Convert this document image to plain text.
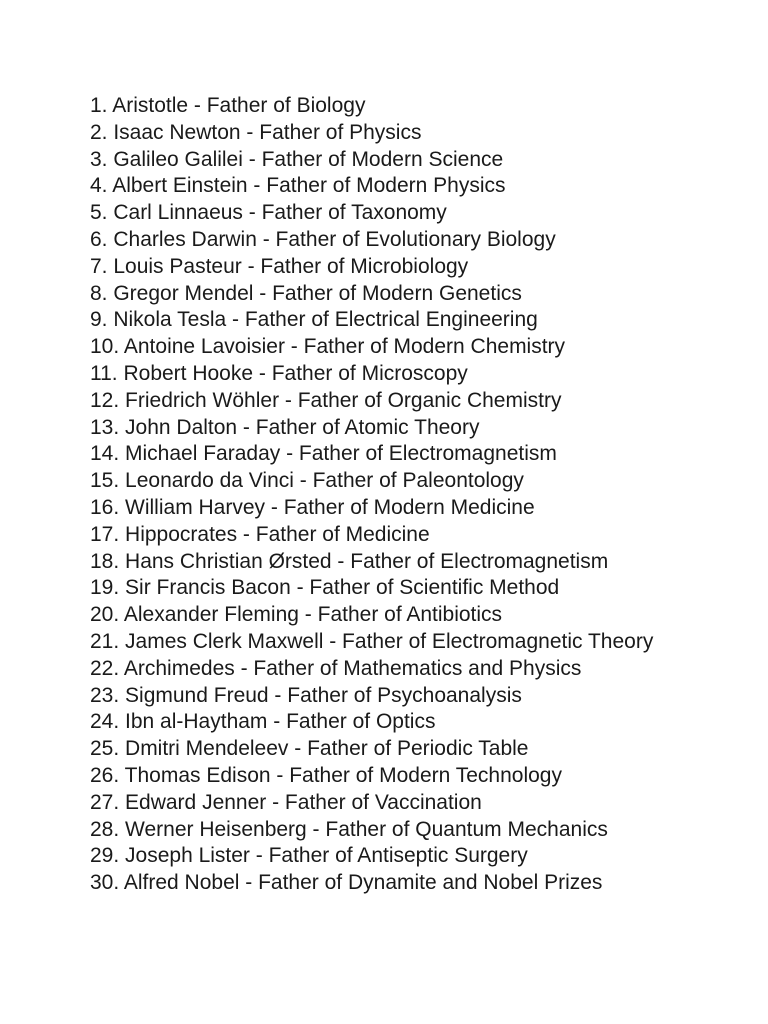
1. Aristotle - Father of Biology
2. Isaac Newton - Father of Physics
3. Galileo Galilei - Father of Modern Science
4. Albert Einstein - Father of Modern Physics
5. Carl Linnaeus - Father of Taxonomy
6. Charles Darwin - Father of Evolutionary Biology
7. Louis Pasteur - Father of Microbiology
8. Gregor Mendel - Father of Modern Genetics
9. Nikola Tesla - Father of Electrical Engineering
10. Antoine Lavoisier - Father of Modern Chemistry
11. Robert Hooke - Father of Microscopy
12. Friedrich Wöhler - Father of Organic Chemistry
13. John Dalton - Father of Atomic Theory
14. Michael Faraday - Father of Electromagnetism
15. Leonardo da Vinci - Father of Paleontology
16. William Harvey - Father of Modern Medicine
17. Hippocrates - Father of Medicine
18. Hans Christian Ørsted - Father of Electromagnetism
19. Sir Francis Bacon - Father of Scientific Method
20. Alexander Fleming - Father of Antibiotics
21. James Clerk Maxwell - Father of Electromagnetic Theory
22. Archimedes - Father of Mathematics and Physics
23. Sigmund Freud - Father of Psychoanalysis
24. Ibn al-Haytham - Father of Optics
25. Dmitri Mendeleev - Father of Periodic Table
26. Thomas Edison - Father of Modern Technology
27. Edward Jenner - Father of Vaccination
28. Werner Heisenberg - Father of Quantum Mechanics
29. Joseph Lister - Father of Antiseptic Surgery
30. Alfred Nobel - Father of Dynamite and Nobel Prizes
